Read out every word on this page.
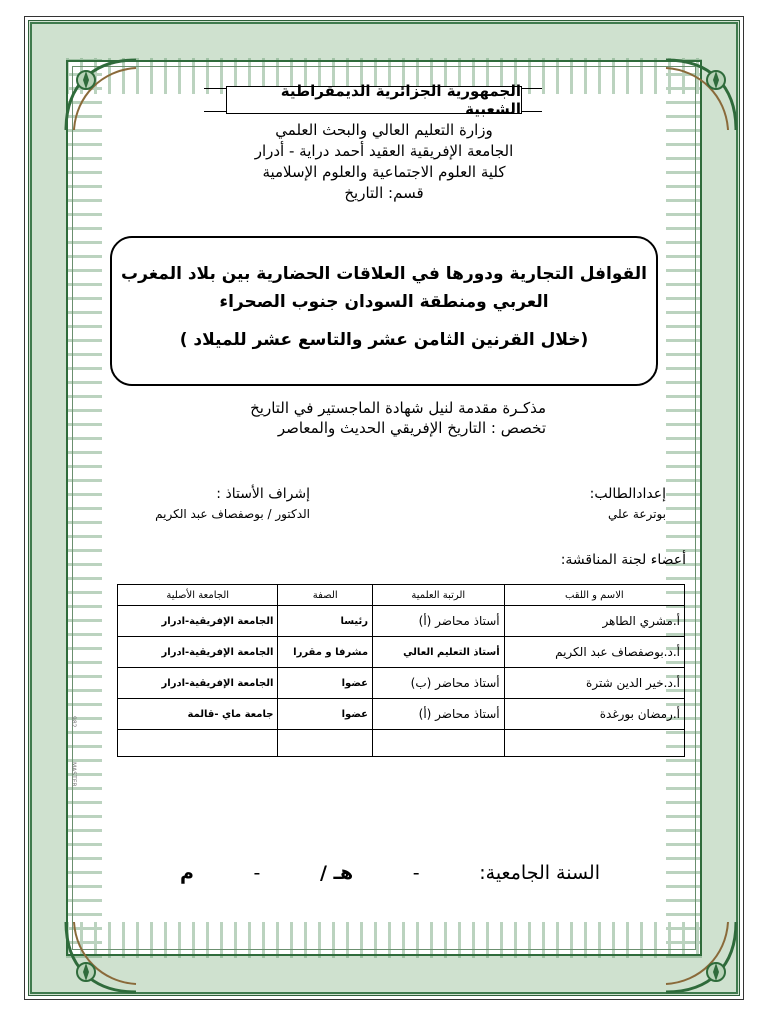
الجمهورية الجزائرية الديمقراطية الشعبية
وزارة التعليم العالي والبحث العلمي
الجامعة الإفريقية العقيد أحمد دراية - أدرار
كلية العلوم الاجتماعية والعلوم الإسلامية
قسم: التاريخ
القوافل التجارية ودورها في العلاقات الحضارية بين بلاد المغرب
العربي ومنطقة السودان جنوب الصحراء
(خلال القرنين الثامن عشر والتاسع عشر للميلاد )
مذكـرة مقدمة لنيل شهادة الماجستير في التاريخ
تخصص : التاريخ الإفريقي الحديث والمعاصر
إعدادالطالب:
بوترعة علي
إشراف الأستاذ :
الدكتور / بوصفصاف عبد الكريم
أعضاء لجنة المناقشة:
الاسم و اللقب	الرتبة العلمية	الصفة	الجامعة الأصلية
أ.مشري الطاهر	أستاذ محاضر (أ)	رئيسا	الجامعة الإفريقية-ادرار
أ.د.بوصفصاف عبد الكريم	أستاذ التعليم العالي	مشرفا و مقررا	الجامعة الإفريقية-ادرار
أ.د.خير الدين شترة	أستاذ محاضر (ب)	عضوا	الجامعة الإفريقية-ادرار
أ.رمضان بورغدة	أستاذ محاضر (أ)	عضوا	جامعة ماي -قالمة

السنة الجامعية:
-
هـ /
-
م
982
MASTER
